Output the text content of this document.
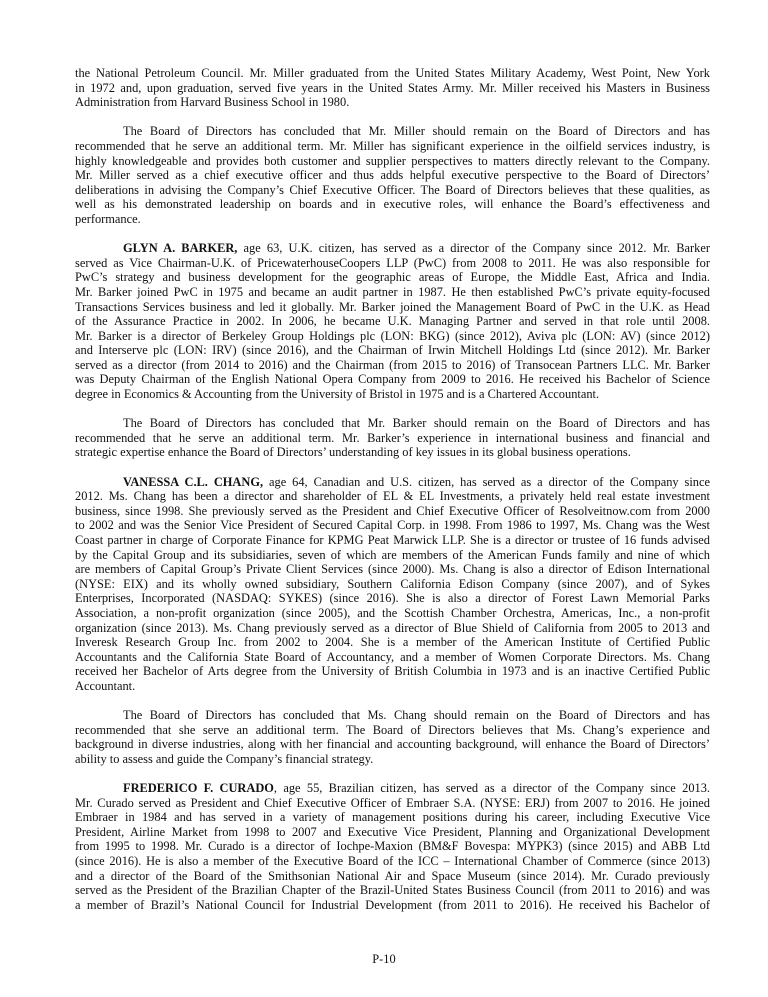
the National Petroleum Council. Mr. Miller graduated from the United States Military Academy, West Point, New York
in 1972 and, upon graduation, served five years in the United States Army. Mr. Miller received his Masters in Business
Administration from Harvard Business School in 1980.
The Board of Directors has concluded that Mr. Miller should remain on the Board of Directors and has
recommended that he serve an additional term. Mr. Miller has significant experience in the oilfield services industry, is
highly knowledgeable and provides both customer and supplier perspectives to matters directly relevant to the Company.
Mr. Miller served as a chief executive officer and thus adds helpful executive perspective to the Board of Directors’
deliberations in advising the Company’s Chief Executive Officer. The Board of Directors believes that these qualities, as
well as his demonstrated leadership on boards and in executive roles, will enhance the Board’s effectiveness and
performance.
GLYN A. BARKER, age 63, U.K. citizen, has served as a director of the Company since 2012. Mr. Barker
served as Vice Chairman-U.K. of PricewaterhouseCoopers LLP (PwC) from 2008 to 2011. He was also responsible for
PwC’s strategy and business development for the geographic areas of Europe, the Middle East, Africa and India.
Mr. Barker joined PwC in 1975 and became an audit partner in 1987. He then established PwC’s private equity-focused
Transactions Services business and led it globally. Mr. Barker joined the Management Board of PwC in the U.K. as Head
of the Assurance Practice in 2002. In 2006, he became U.K. Managing Partner and served in that role until 2008.
Mr. Barker is a director of Berkeley Group Holdings plc (LON: BKG) (since 2012), Aviva plc (LON: AV) (since 2012)
and Interserve plc (LON: IRV) (since 2016), and the Chairman of Irwin Mitchell Holdings Ltd (since 2012). Mr. Barker
served as a director (from 2014 to 2016) and the Chairman (from 2015 to 2016) of Transocean Partners LLC. Mr. Barker
was Deputy Chairman of the English National Opera Company from 2009 to 2016. He received his Bachelor of Science
degree in Economics & Accounting from the University of Bristol in 1975 and is a Chartered Accountant.
The Board of Directors has concluded that Mr. Barker should remain on the Board of Directors and has
recommended that he serve an additional term. Mr. Barker’s experience in international business and financial and
strategic expertise enhance the Board of Directors’ understanding of key issues in its global business operations.
VANESSA C.L. CHANG, age 64, Canadian and U.S. citizen, has served as a director of the Company since
2012. Ms. Chang has been a director and shareholder of EL & EL Investments, a privately held real estate investment
business, since 1998. She previously served as the President and Chief Executive Officer of Resolveitnow.com from 2000
to 2002 and was the Senior Vice President of Secured Capital Corp. in 1998. From 1986 to 1997, Ms. Chang was the West
Coast partner in charge of Corporate Finance for KPMG Peat Marwick LLP. She is a director or trustee of 16 funds advised
by the Capital Group and its subsidiaries, seven of which are members of the American Funds family and nine of which
are members of Capital Group’s Private Client Services (since 2000). Ms. Chang is also a director of Edison International
(NYSE: EIX) and its wholly owned subsidiary, Southern California Edison Company (since 2007), and of Sykes
Enterprises, Incorporated (NASDAQ: SYKES) (since 2016). She is also a director of Forest Lawn Memorial Parks
Association, a non-profit organization (since 2005), and the Scottish Chamber Orchestra, Americas, Inc., a non-profit
organization (since 2013). Ms. Chang previously served as a director of Blue Shield of California from 2005 to 2013 and
Inveresk Research Group Inc. from 2002 to 2004. She is a member of the American Institute of Certified Public
Accountants and the California State Board of Accountancy, and a member of Women Corporate Directors. Ms. Chang
received her Bachelor of Arts degree from the University of British Columbia in 1973 and is an inactive Certified Public
Accountant.
The Board of Directors has concluded that Ms. Chang should remain on the Board of Directors and has
recommended that she serve an additional term. The Board of Directors believes that Ms. Chang’s experience and
background in diverse industries, along with her financial and accounting background, will enhance the Board of Directors’
ability to assess and guide the Company’s financial strategy.
FREDERICO F. CURADO, age 55, Brazilian citizen, has served as a director of the Company since 2013.
Mr. Curado served as President and Chief Executive Officer of Embraer S.A. (NYSE: ERJ) from 2007 to 2016. He joined
Embraer in 1984 and has served in a variety of management positions during his career, including Executive Vice
President, Airline Market from 1998 to 2007 and Executive Vice President, Planning and Organizational Development
from 1995 to 1998. Mr. Curado is a director of Iochpe-Maxion (BM&F Bovespa: MYPK3) (since 2015) and ABB Ltd
(since 2016). He is also a member of the Executive Board of the ICC – International Chamber of Commerce (since 2013)
and a director of the Board of the Smithsonian National Air and Space Museum (since 2014). Mr. Curado previously
served as the President of the Brazilian Chapter of the Brazil-United States Business Council (from 2011 to 2016) and was
a member of Brazil’s National Council for Industrial Development (from 2011 to 2016). He received his Bachelor of
P-10
